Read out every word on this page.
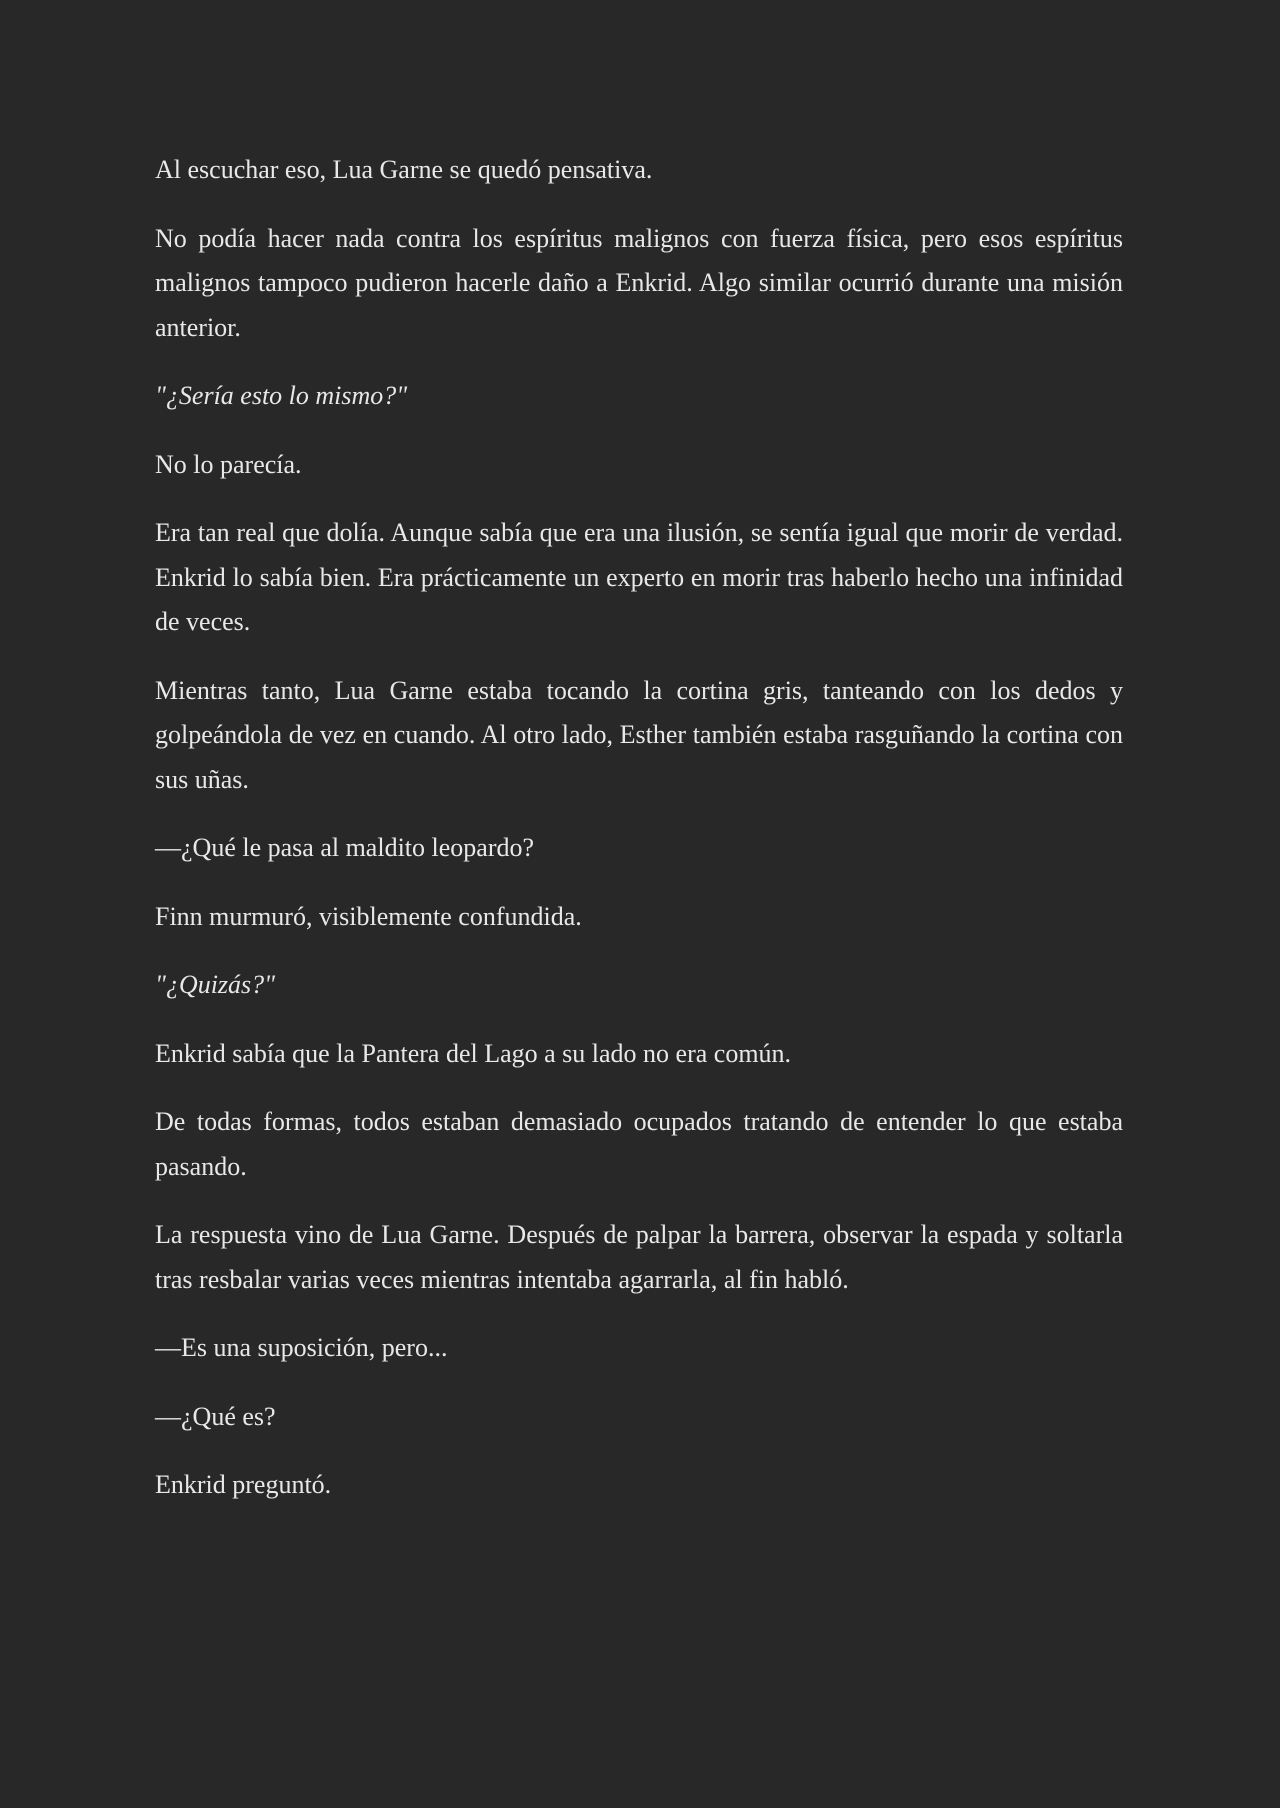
Al escuchar eso, Lua Garne se quedó pensativa.

No podía hacer nada contra los espíritus malignos con fuerza física, pero esos espíritus malignos tampoco pudieron hacerle daño a Enkrid. Algo similar ocurrió durante una misión anterior.

"¿Sería esto lo mismo?"

No lo parecía.

Era tan real que dolía. Aunque sabía que era una ilusión, se sentía igual que morir de verdad. Enkrid lo sabía bien. Era prácticamente un experto en morir tras haberlo hecho una infinidad de veces.

Mientras tanto, Lua Garne estaba tocando la cortina gris, tanteando con los dedos y golpeándola de vez en cuando. Al otro lado, Esther también estaba rasguñando la cortina con sus uñas.

—¿Qué le pasa al maldito leopardo?

Finn murmuró, visiblemente confundida.

"¿Quizás?"

Enkrid sabía que la Pantera del Lago a su lado no era común.

De todas formas, todos estaban demasiado ocupados tratando de entender lo que estaba pasando.

La respuesta vino de Lua Garne. Después de palpar la barrera, observar la espada y soltarla tras resbalar varias veces mientras intentaba agarrarla, al fin habló.

—Es una suposición, pero...

—¿Qué es?

Enkrid preguntó.
